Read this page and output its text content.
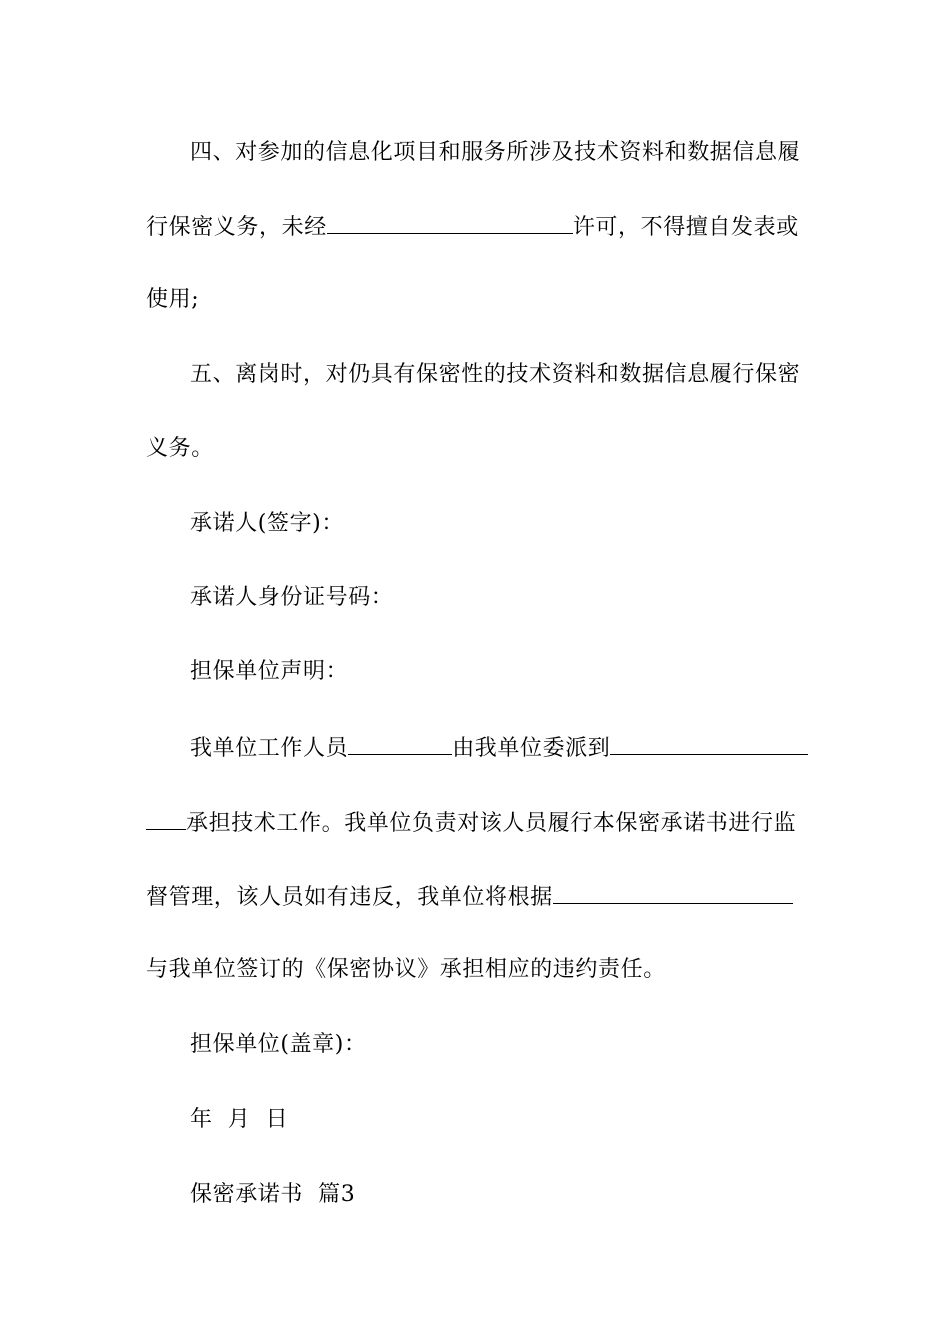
四、对参加的信息化项目和服务所涉及技术资料和数据信息履
行保密义务，未经	许可，不得擅自发表或
使用;
五、离岗时，对仍具有保密性的技术资料和数据信息履行保密
义务。
承诺人(签字)：
承诺人身份证号码：
担保单位声明：
我单位工作人员	由我单位委派到
承担技术工作。我单位负责对该人员履行本保密承诺书进行监
督管理，该人员如有违反，我单位将根据
与我单位签订的《保密协议》承担相应的违约责任。
担保单位(盖章)：
年  月  日
保密承诺书  篇3
